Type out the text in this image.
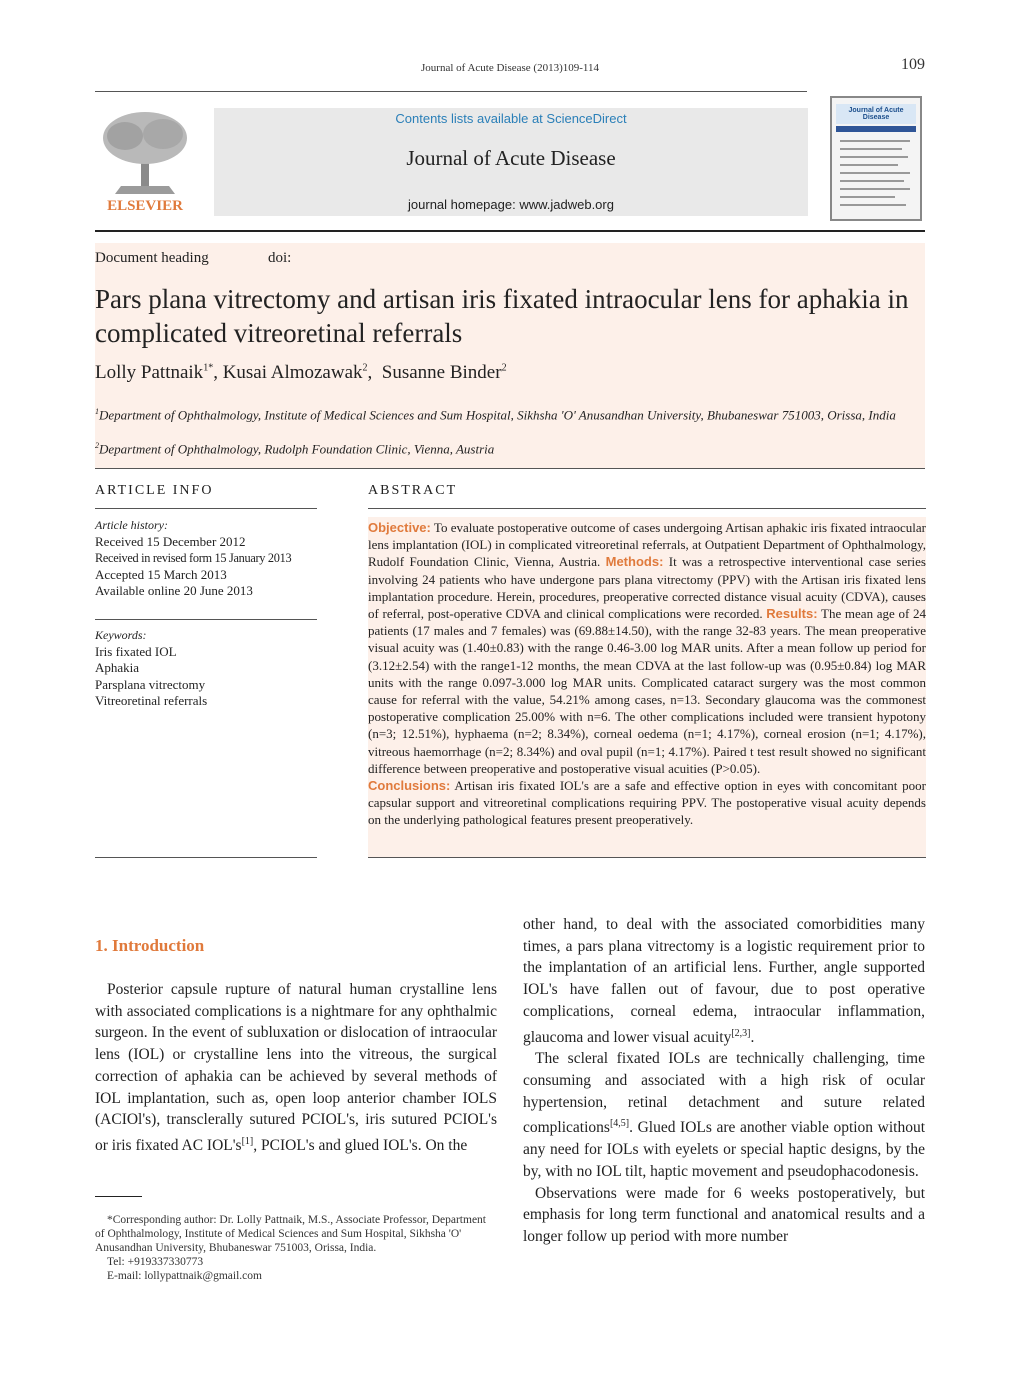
Journal of Acute Disease (2013)109-114	109
ELSEVIER
Contents lists available at ScienceDirect
Journal of Acute Disease
journal homepage: www.jadweb.org
Journal of Acute Disease
Document heading	doi:
Pars plana vitrectomy and artisan iris fixated intraocular lens for aphakia in complicated vitreoretinal referrals
Lolly Pattnaik$^{1*}$, Kusai Almozawak$^2$,  Susanne Binder$^2$
$^1$Department of Ophthalmology, Institute of Medical Sciences and Sum Hospital, Sikhsha 'O' Anusandhan University, Bhubaneswar 751003, Orissa, India
$^2$Department of Ophthalmology, Rudolph Foundation Clinic, Vienna, Austria
ARTICLE INFO
Article history:
Received 15 December 2012
Received in revised form 15 January 2013
Accepted 15 March 2013
Available online 20 June 2013
Keywords:
Iris fixated IOL
Aphakia
Parsplana vitrectomy
Vitreoretinal referrals
ABSTRACT
Objective: To evaluate postoperative outcome of cases undergoing Artisan aphakic iris fixated intraocular lens implantation (IOL) in complicated vitreoretinal referrals, at Outpatient Department of Ophthalmology, Rudolf Foundation Clinic, Vienna, Austria. Methods: It was a retrospective interventional case series involving 24 patients who have undergone pars plana vitrectomy (PPV) with the Artisan iris fixated lens implantation procedure. Herein, procedures, preoperative corrected distance visual acuity (CDVA), causes of referral, post-operative CDVA and clinical complications were recorded. Results: The mean age of 24 patients (17 males and 7 females) was (69.88±14.50), with the range 32-83 years. The mean preoperative visual acuity was (1.40±0.83) with the range 0.46-3.00 log MAR units. After a mean follow up period for (3.12±2.54) with the range1-12 months, the mean CDVA at the last follow-up was (0.95±0.84) log MAR units with the range 0.097-3.000 log MAR units. Complicated cataract surgery was the most common cause for referral with the value, 54.21% among cases, n=13. Secondary glaucoma was the commonest postoperative complication 25.00% with n=6. The other complications included were transient hypotony (n=3; 12.51%), hyphaema (n=2; 8.34%), corneal oedema (n=1; 4.17%), corneal erosion (n=1; 4.17%), vitreous haemorrhage (n=2; 8.34%) and oval pupil (n=1; 4.17%). Paired t test result showed no significant difference between preoperative and postoperative visual acuities (P>0.05).
Conclusions: Artisan iris fixated IOL's are a safe and effective option in eyes with concomitant poor capsular support and vitreoretinal complications requiring PPV. The postoperative visual acuity depends on the underlying pathological features present preoperatively.
1. Introduction

Posterior capsule rupture of natural human crystalline lens with associated complications is a nightmare for any ophthalmic surgeon. In the event of subluxation or dislocation of intraocular lens (IOL) or crystalline lens into the vitreous, the surgical correction of aphakia can be achieved by several methods of IOL implantation, such as, open loop anterior chamber IOLS (ACIOl's), transclerally sutured PCIOL's, iris sutured PCIOL's or iris fixated AC IOL's[1], PCIOL's and glued IOL's. On the

other hand, to deal with the associated comorbidities many times, a pars plana vitrectomy is a logistic requirement prior to the implantation of an artificial lens. Further, angle supported IOL's have fallen out of favour, due to post operative complications, corneal edema, intraocular inflammation, glaucoma and lower visual acuity[2,3].

The scleral fixated IOLs are technically challenging, time consuming and associated with a high risk of ocular hypertension, retinal detachment and suture related complications[4,5]. Glued IOLs are another viable option without any need for IOLs with eyelets or special haptic designs, by the by, with no IOL tilt, haptic movement and pseudophacodonesis.

Observations were made for 6 weeks postoperatively, but emphasis for long term functional and anatomical results and a longer follow up period with more number

*Corresponding author: Dr. Lolly Pattnaik, M.S., Associate Professor, Department of Ophthalmology, Institute of Medical Sciences and Sum Hospital, Sikhsha 'O' Anusandhan University, Bhubaneswar 751003, Orissa, India.
Tel: +919337330773
E-mail: lollypattnaik@gmail.com
